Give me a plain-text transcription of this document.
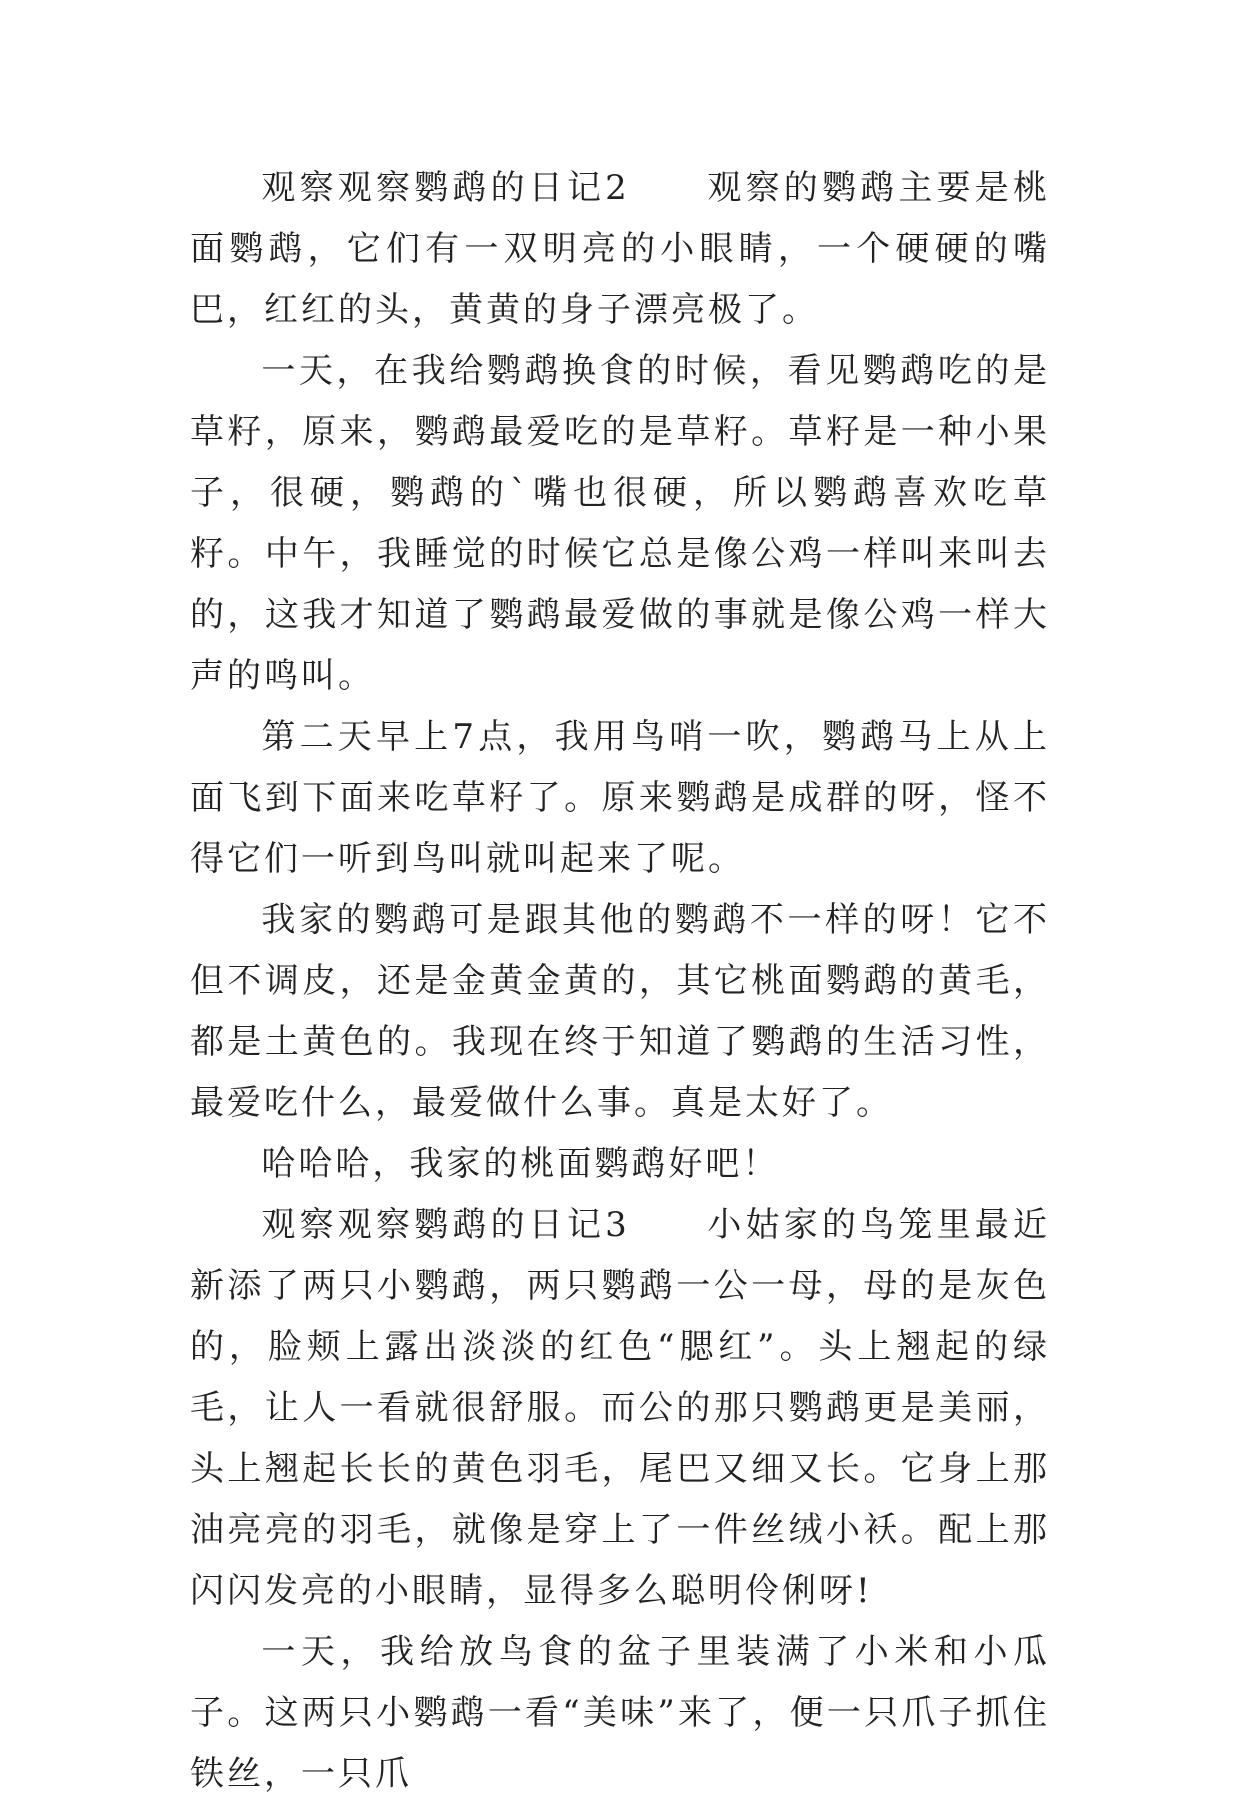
观察观察鹦鹉的日记2　　观察的鹦鹉主要是桃面鹦鹉，它们有一双明亮的小眼睛，一个硬硬的嘴巴，红红的头，黄黄的身子漂亮极了。

一天，在我给鹦鹉换食的时候，看见鹦鹉吃的是草籽，原来，鹦鹉最爱吃的是草籽。草籽是一种小果子，很硬，鹦鹉的`嘴也很硬，所以鹦鹉喜欢吃草籽。中午，我睡觉的时候它总是像公鸡一样叫来叫去的，这我才知道了鹦鹉最爱做的事就是像公鸡一样大声的鸣叫。

第二天早上7点，我用鸟哨一吹，鹦鹉马上从上面飞到下面来吃草籽了。原来鹦鹉是成群的呀，怪不得它们一听到鸟叫就叫起来了呢。

我家的鹦鹉可是跟其他的鹦鹉不一样的呀！它不但不调皮，还是金黄金黄的，其它桃面鹦鹉的黄毛，都是土黄色的。我现在终于知道了鹦鹉的生活习性，最爱吃什么，最爱做什么事。真是太好了。

哈哈哈，我家的桃面鹦鹉好吧！

观察观察鹦鹉的日记3　　小姑家的鸟笼里最近新添了两只小鹦鹉，两只鹦鹉一公一母，母的是灰色的，脸颊上露出淡淡的红色“腮红”。头上翘起的绿毛，让人一看就很舒服。而公的那只鹦鹉更是美丽，头上翘起长长的黄色羽毛，尾巴又细又长。它身上那油亮亮的羽毛，就像是穿上了一件丝绒小袄。配上那闪闪发亮的小眼睛，显得多么聪明伶俐呀!

一天，我给放鸟食的盆子里装满了小米和小瓜子。这两只小鹦鹉一看“美味”来了，便一只爪子抓住铁丝，一只爪
